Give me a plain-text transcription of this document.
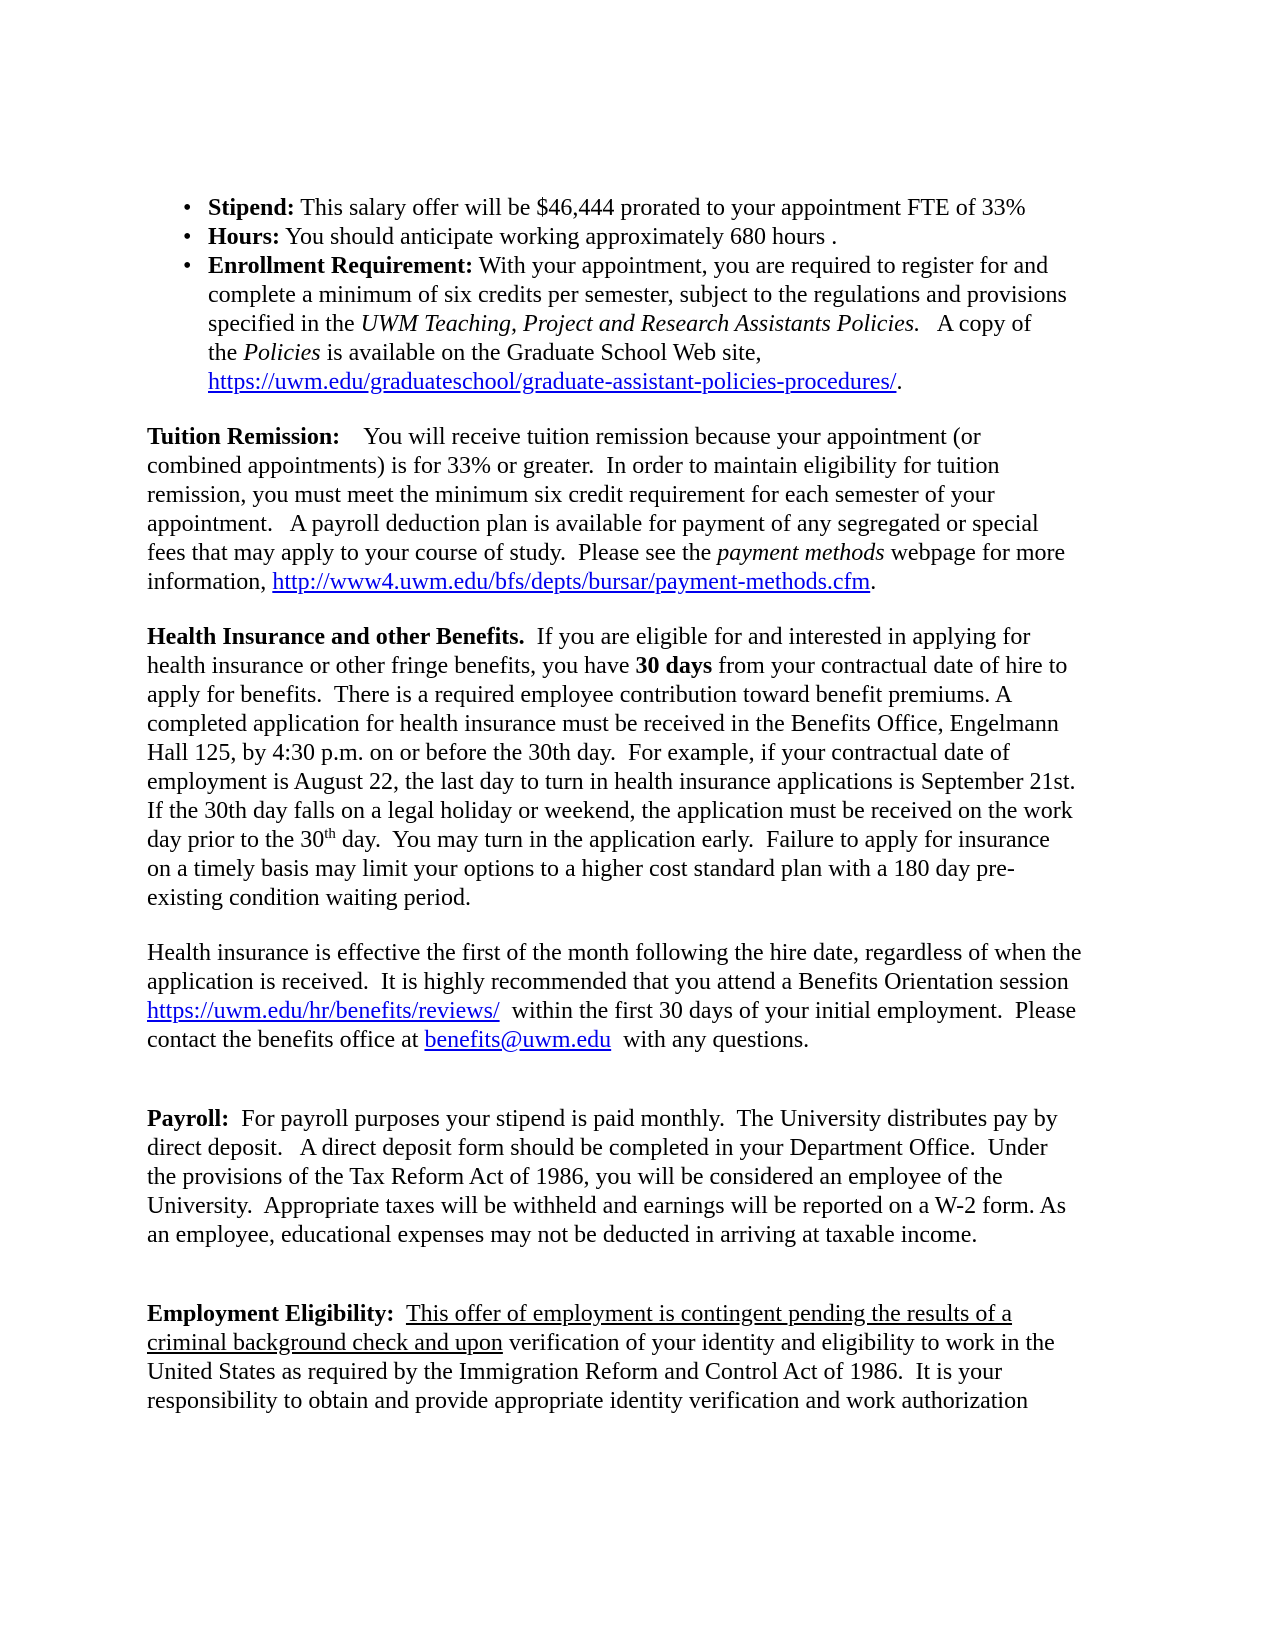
• Stipend: This salary offer will be $46,444 prorated to your appointment FTE of 33%
• Hours: You should anticipate working approximately 680 hours .
• Enrollment Requirement: With your appointment, you are required to register for and
complete a minimum of six credits per semester, subject to the regulations and provisions
specified in the UWM Teaching, Project and Research Assistants Policies.   A copy of
the Policies is available on the Graduate School Web site,
https://uwm.edu/graduateschool/graduate-assistant-policies-procedures/.
Tuition Remission:    You will receive tuition remission because your appointment (or
combined appointments) is for 33% or greater.  In order to maintain eligibility for tuition
remission, you must meet the minimum six credit requirement for each semester of your
appointment.   A payroll deduction plan is available for payment of any segregated or special
fees that may apply to your course of study.  Please see the payment methods webpage for more
information, http://www4.uwm.edu/bfs/depts/bursar/payment-methods.cfm.
Health Insurance and other Benefits.  If you are eligible for and interested in applying for
health insurance or other fringe benefits, you have 30 days from your contractual date of hire to
apply for benefits.  There is a required employee contribution toward benefit premiums. A
completed application for health insurance must be received in the Benefits Office, Engelmann
Hall 125, by 4:30 p.m. on or before the 30th day.  For example, if your contractual date of
employment is August 22, the last day to turn in health insurance applications is September 21st.
If the 30th day falls on a legal holiday or weekend, the application must be received on the work
day prior to the 30th day.  You may turn in the application early.  Failure to apply for insurance
on a timely basis may limit your options to a higher cost standard plan with a 180 day pre-
existing condition waiting period.
Health insurance is effective the first of the month following the hire date, regardless of when the
application is received.  It is highly recommended that you attend a Benefits Orientation session
https://uwm.edu/hr/benefits/reviews/  within the first 30 days of your initial employment.  Please
contact the benefits office at benefits@uwm.edu  with any questions.
Payroll:  For payroll purposes your stipend is paid monthly.  The University distributes pay by
direct deposit.   A direct deposit form should be completed in your Department Office.  Under
the provisions of the Tax Reform Act of 1986, you will be considered an employee of the
University.  Appropriate taxes will be withheld and earnings will be reported on a W-2 form. As
an employee, educational expenses may not be deducted in arriving at taxable income.
Employment Eligibility: This offer of employment is contingent pending the results of a
criminal background check and upon verification of your identity and eligibility to work in the
United States as required by the Immigration Reform and Control Act of 1986.  It is your
responsibility to obtain and provide appropriate identity verification and work authorization
